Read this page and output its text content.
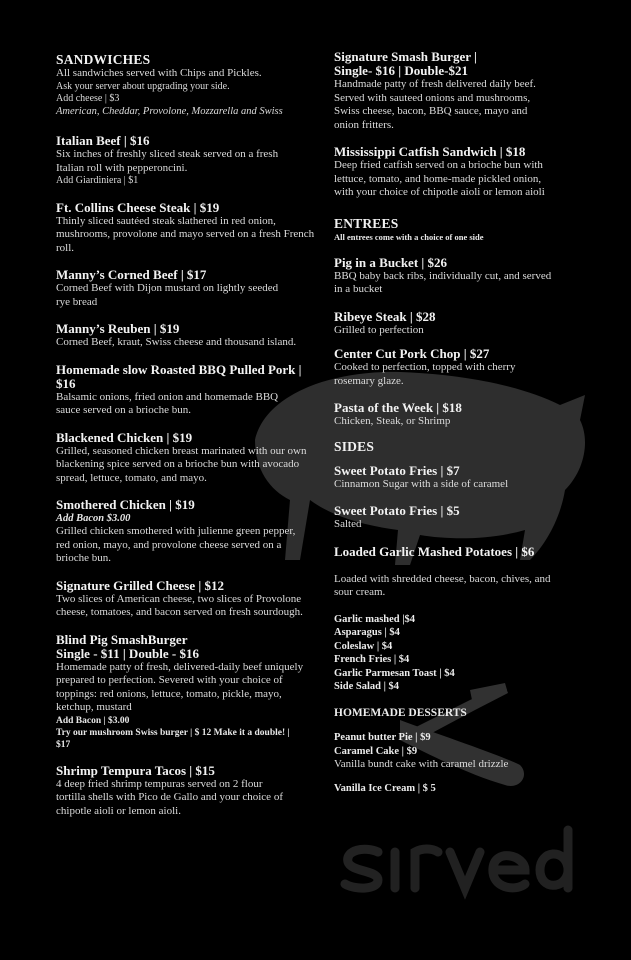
SANDWICHES
All sandwiches served with Chips and Pickles.
Ask your server about upgrading your side.
Add cheese | $3
American, Cheddar, Provolone, Mozzarella and Swiss
Italian Beef | $16
Six inches of freshly sliced steak served on a fresh Italian roll with pepperoncini.
Add Giardiniera | $1
Ft. Collins Cheese Steak | $19
Thinly sliced sautéed steak slathered in red onion, mushrooms, provolone and mayo served on a fresh French roll.
Manny’s Corned Beef | $17
Corned Beef with Dijon mustard on lightly seeded rye bread
Manny’s Reuben | $19
Corned Beef, kraut, Swiss cheese and thousand island.
Homemade slow Roasted BBQ Pulled Pork | $16
Balsamic onions, fried onion and homemade BBQ sauce served on a brioche bun.
Blackened Chicken | $19
Grilled, seasoned chicken breast marinated with our own blackening spice served on a brioche bun with avocado spread, lettuce, tomato, and mayo.
Smothered Chicken | $19
Add Bacon $3.00
Grilled chicken smothered with julienne green pepper, red onion, mayo, and provolone cheese served on a brioche bun.
Signature Grilled Cheese | $12
Two slices of American cheese, two slices of Provolone cheese, tomatoes, and bacon served on fresh sourdough.
Blind Pig SmashBurger
Single - $11 | Double - $16
Homemade patty of fresh, delivered-daily beef uniquely prepared to perfection. Severed with your choice of toppings: red onions, lettuce, tomato, pickle, mayo, ketchup, mustard
Add Bacon | $3.00
Try our mushroom Swiss burger | $ 12 Make it a double! | $17
Shrimp Tempura Tacos | $15
4 deep fried shrimp tempuras served on 2 flour tortilla shells with Pico de Gallo and your choice of chipotle aioli or lemon aioli.
Signature Smash Burger |
Single- $16 | Double-$21
Handmade patty of fresh delivered daily beef. Served with sauteed onions and mushrooms, Swiss cheese, bacon, BBQ sauce, mayo and onion fritters.
Mississippi Catfish Sandwich | $18
Deep fried catfish served on a brioche bun with lettuce, tomato, and home-made pickled onion, with your choice of chipotle aioli or lemon aioli
ENTREES
All entrees come with a choice of one side
Pig in a Bucket | $26
BBQ baby back ribs, individually cut, and served in a bucket
Ribeye Steak | $28
Grilled to perfection
Center Cut Pork Chop | $27
Cooked to perfection, topped with cherry rosemary glaze.
Pasta of the Week | $18
Chicken, Steak, or Shrimp
SIDES
Sweet Potato Fries | $7
Cinnamon Sugar with a side of caramel
Sweet Potato Fries | $5
Salted
Loaded Garlic Mashed Potatoes | $6
Loaded with shredded cheese, bacon, chives, and sour cream.
Garlic mashed |$4
Asparagus | $4
Coleslaw | $4
French Fries | $4
Garlic Parmesan Toast | $4
Side Salad | $4
HOMEMADE DESSERTS
Peanut butter Pie | $9
Caramel Cake | $9
Vanilla bundt cake with caramel drizzle
Vanilla Ice Cream | $ 5
